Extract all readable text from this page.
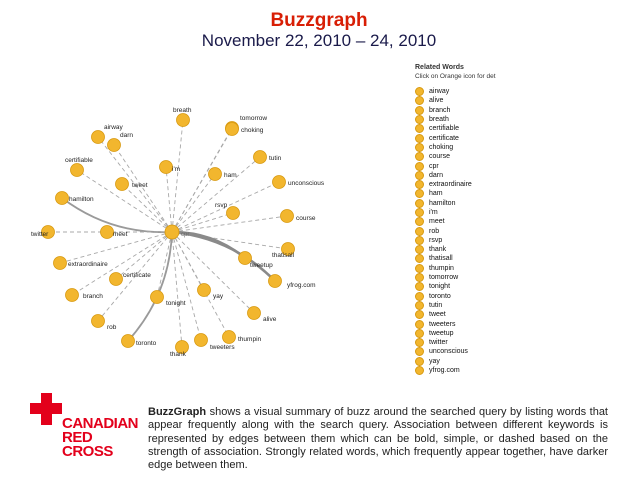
Buzzgraph
November 22, 2010 – 24, 2010
darn
breath
tomorrow
airway	choking
i'm
tutin
certifiable
tweet
ham
unconscious
hamilton
rsvp
course
twitter	meet
thatisall
extraordinaire	tweetup
certificate
yfrog.com
branch
tonight
yay
alive
rob
thumpin
toronto
thank
tweeters
cpr
Related Words
Click on Orange icon for det
airway
alive
branch
breath
certifiable
certificate
choking
course
cpr
darn
extraordinaire
ham
hamilton
i'm
meet
rob
rsvp
thank
thatisall
thumpin
tomorrow
tonight
toronto
tutin
tweet
tweeters
tweetup
twitter
unconscious
yay
yfrog.com
CANADIAN
RED CROSS
BuzzGraph shows a visual summary of buzz around the searched query by listing words that appear frequently along with the search query. Association between different keywords is represented by edges between them which can be bold, simple, or dashed based on the strength of association. Strongly related words, which frequently appear together, have darker edge between them.
